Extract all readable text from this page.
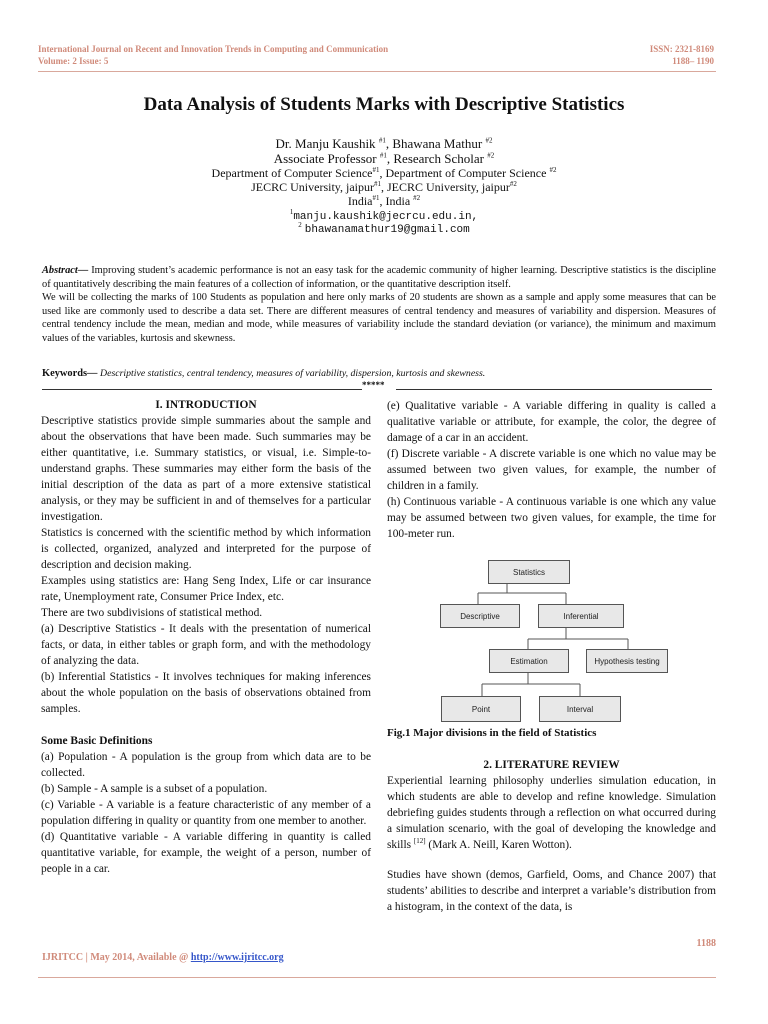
International Journal on Recent and Innovation Trends in Computing and Communication
Volume: 2 Issue: 5
ISSN: 2321-8169
1188– 1190
Data Analysis of Students Marks with Descriptive Statistics
Dr. Manju Kaushik $^{\#1}$, Bhawana Mathur $^{\#2}$
Associate Professor $^{\#1}$, Research Scholar $^{\#2}$
Department of Computer Science$^{\#1}$, Department of Computer Science $^{\#2}$
JECRC University, jaipur$^{\#1}$, JECRC University, jaipur$^{\#2}$
India$^{\#1}$, India $^{\#2}$
$^1$manju.kaushik@jecrcu.edu.in,
$^2$ bhawanamathur19@gmail.com

Abstract— Improving student’s academic performance is not an easy task for the academic community of higher learning. Descriptive statistics is the discipline of quantitatively describing the main features of a collection of information, or the quantitative description itself.

We will be collecting the marks of 100 Students as population and here only marks of 20 students are shown as a sample and apply some measures that can be used like are commonly used to describe a data set. There are different measures of central tendency and measures of variability and dispersion. Measures of central tendency include the mean, median and mode, while measures of variability include the standard deviation (or variance), the minimum and maximum values of the variables, kurtosis and skewness.

Keywords— Descriptive statistics, central tendency, measures of variability, dispersion, kurtosis and skewness.
*****
I. INTRODUCTION

Descriptive statistics provide simple summaries about the sample and about the observations that have been made. Such summaries may be either quantitative, i.e. Summary statistics, or visual, i.e. Simple-to-understand graphs. These summaries may either form the basis of the initial description of the data as part of a more extensive statistical analysis, or they may be sufficient in and of themselves for a particular investigation.

Statistics is concerned with the scientific method by which information is collected, organized, analyzed and interpreted for the purpose of description and decision making.

Examples using statistics are: Hang Seng Index, Life or car insurance rate, Unemployment rate, Consumer Price Index, etc.

There are two subdivisions of statistical method.

(a) Descriptive Statistics - It deals with the presentation of numerical facts, or data, in either tables or graph form, and with the methodology of analyzing the data.

(b) Inferential Statistics - It involves techniques for making inferences about the whole population on the basis of observations obtained from samples.

Some Basic Definitions

(a) Population - A population is the group from which data are to be collected.

(b) Sample - A sample is a subset of a population.

(c) Variable - A variable is a feature characteristic of any member of a population differing in quality or quantity from one member to another.

(d) Quantitative variable - A variable differing in quantity is called quantitative variable, for example, the weight of a person, number of people in a car.

(e) Qualitative variable - A variable differing in quality is called a qualitative variable or attribute, for example, the color, the degree of damage of a car in an accident.

(f) Discrete variable - A discrete variable is one which no value may be assumed between two given values, for example, the number of children in a family.

(h) Continuous variable - A continuous variable is one which any value may be assumed between two given values, for example, the time for 100-meter run.

Statistics
Descriptive	Inferential
Estimation	Hypothesis testing
Point	Interval
Fig.1 Major divisions in the field of Statistics
2. LITERATURE REVIEW

Experiential learning philosophy underlies simulation education, in which students are able to develop and refine knowledge. Simulation debriefing guides students through a reflection on what occurred during a simulation scenario, with the goal of developing the knowledge and skills [12] (Mark A. Neill, Karen Wotton).

Studies have shown (demos, Garfield, Ooms, and Chance 2007) that students’ abilities to describe and interpret a variable’s distribution from a histogram, in the context of the data, is

1188
IJRITCC | May 2014, Available @ http://www.ijritcc.org
